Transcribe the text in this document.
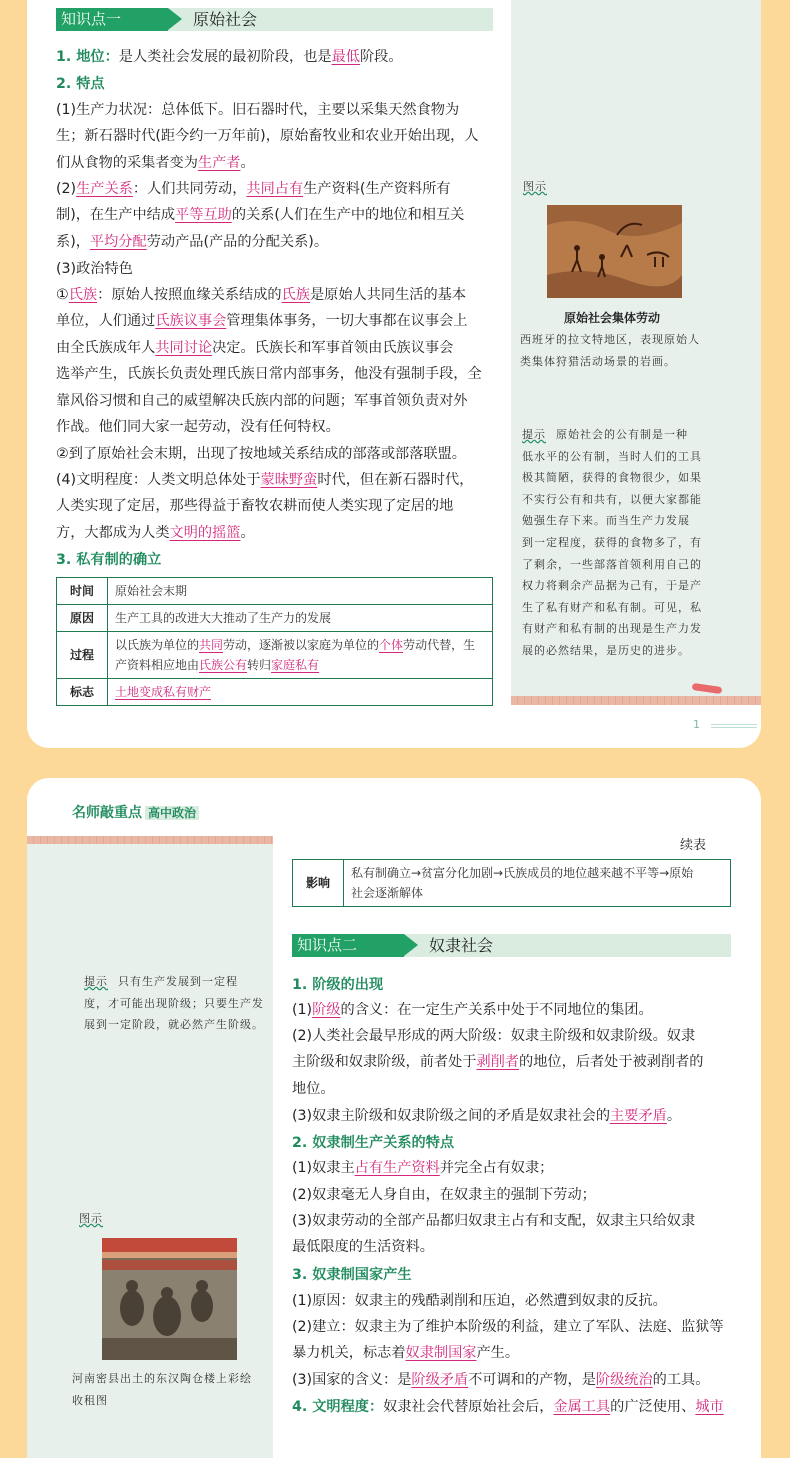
知识点一	原始社会

1. 地位：是人类社会发展的最初阶段，也是最低阶段。

2. 特点

(1)生产力状况：总体低下。旧石器时代，主要以采集天然食物为
生；新石器时代(距今约一万年前)，原始畜牧业和农业开始出现，人
们从食物的采集者变为生产者。

(2)生产关系：人们共同劳动，共同占有生产资料(生产资料所有
制)，在生产中结成平等互助的关系(人们在生产中的地位和相互关
系)，平均分配劳动产品(产品的分配关系)。

(3)政治特色

①氏族：原始人按照血缘关系结成的氏族是原始人共同生活的基本
单位，人们通过氏族议事会管理集体事务，一切大事都在议事会上
由全氏族成年人共同讨论决定。氏族长和军事首领由氏族议事会
选举产生，氏族长负责处理氏族日常内部事务，他没有强制手段，全
靠风俗习惯和自己的威望解决氏族内部的问题；军事首领负责对外
作战。他们同大家一起劳动，没有任何特权。

②到了原始社会末期，出现了按地域关系结成的部落或部落联盟。

(4)文明程度：人类文明总体处于蒙昧野蛮时代，但在新石器时代，
人类实现了定居，那些得益于畜牧农耕而使人类实现了定居的地
方，大都成为人类文明的摇篮。

3. 私有制的确立

时间	原始社会末期
原因	生产工具的改进大大推动了生产力的发展
过程	以氏族为单位的共同劳动，逐渐被以家庭为单位的个体劳动代替，生
产资料相应地由氏族公有转归家庭私有
标志	土地变成私有财产
图示
原始社会集体劳动
西班牙的拉文特地区，表现原始人
类集体狩猎活动场景的岩画。
提示 原始社会的公有制是一种
低水平的公有制，当时人们的工具
极其简陋，获得的食物很少，如果
不实行公有和共有，以便大家都能
勉强生存下来。而当生产力发展
到一定程度，获得的食物多了，有
了剩余，一些部落首领利用自己的
权力将剩余产品据为己有，于是产
生了私有财产和私有制。可见，私
有财产和私有制的出现是生产力发
展的必然结果，是历史的进步。
1
名师敲重点 高中政治
续表
影响	私有制确立→贫富分化加剧→氏族成员的地位越来越不平等→原始
社会逐渐解体
知识点二	奴隶社会

1. 阶级的出现

(1)阶级的含义：在一定生产关系中处于不同地位的集团。

(2)人类社会最早形成的两大阶级：奴隶主阶级和奴隶阶级。奴隶
主阶级和奴隶阶级，前者处于剥削者的地位，后者处于被剥削者的
地位。

(3)奴隶主阶级和奴隶阶级之间的矛盾是奴隶社会的主要矛盾。

2. 奴隶制生产关系的特点

(1)奴隶主占有生产资料并完全占有奴隶；

(2)奴隶毫无人身自由，在奴隶主的强制下劳动；

(3)奴隶劳动的全部产品都归奴隶主占有和支配，奴隶主只给奴隶
最低限度的生活资料。

3. 奴隶制国家产生

(1)原因：奴隶主的残酷剥削和压迫，必然遭到奴隶的反抗。

(2)建立：奴隶主为了维护本阶级的利益，建立了军队、法庭、监狱等
暴力机关，标志着奴隶制国家产生。

(3)国家的含义：是阶级矛盾不可调和的产物，是阶级统治的工具。

4. 文明程度：奴隶社会代替原始社会后，金属工具的广泛使用、城市

提示 只有生产发展到一定程
度，才可能出现阶级；只要生产发
展到一定阶段，就必然产生阶级。
图示
河南密县出土的东汉陶仓楼上彩绘
收租图
